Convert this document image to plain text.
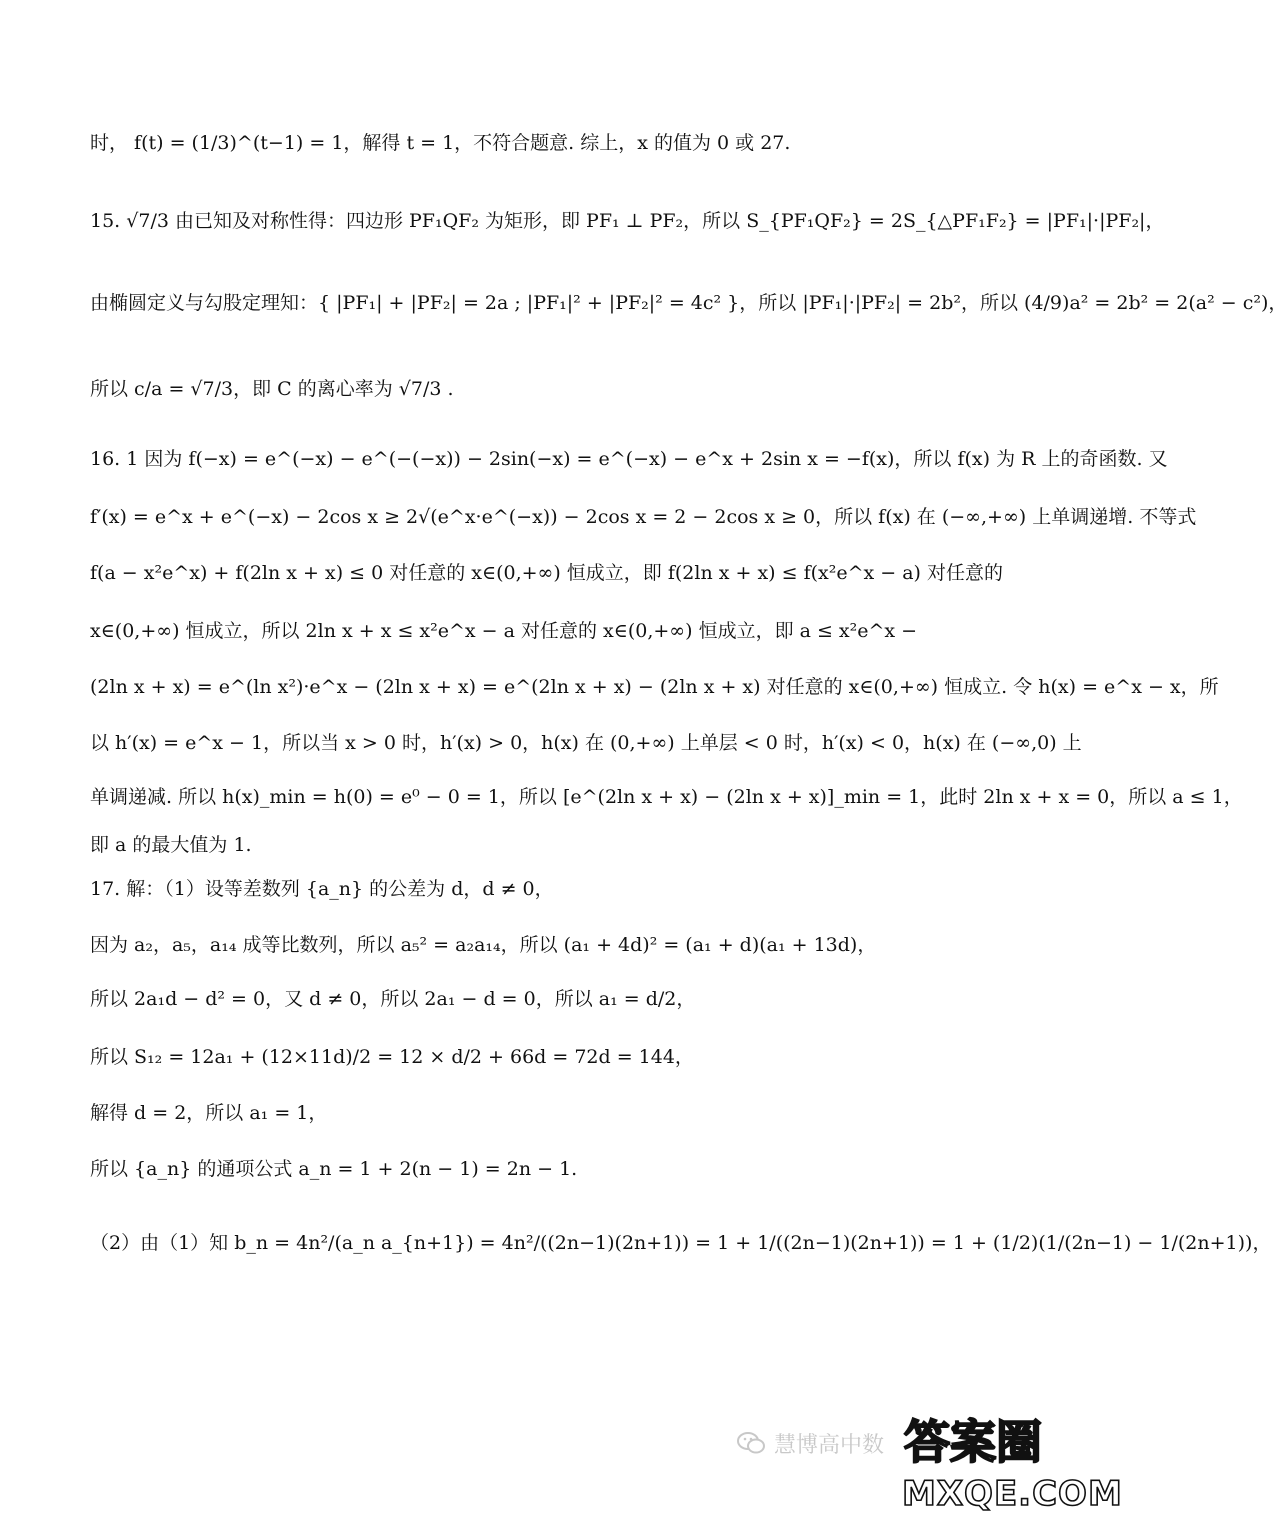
时， f(t) = (1/3)^(t−1) = 1，解得 t = 1，不符合题意. 综上，x 的值为 0 或 27.
15. √7/3 由已知及对称性得：四边形 PF₁QF₂ 为矩形，即 PF₁ ⊥ PF₂，所以 S_{PF₁QF₂} = 2S_{△PF₁F₂} = |PF₁|·|PF₂|，
由椭圆定义与勾股定理知：{ |PF₁| + |PF₂| = 2a ; |PF₁|² + |PF₂|² = 4c² }，所以 |PF₁|·|PF₂| = 2b²，所以 (4/9)a² = 2b² = 2(a² − c²)，
所以 c/a = √7/3，即 C 的离心率为 √7/3 .
16. 1 因为 f(−x) = e^(−x) − e^(−(−x)) − 2sin(−x) = e^(−x) − e^x + 2sin x = −f(x)，所以 f(x) 为 R 上的奇函数. 又
f′(x) = e^x + e^(−x) − 2cos x ≥ 2√(e^x·e^(−x)) − 2cos x = 2 − 2cos x ≥ 0，所以 f(x) 在 (−∞,+∞) 上单调递增. 不等式
f(a − x²e^x) + f(2ln x + x) ≤ 0 对任意的 x∈(0,+∞) 恒成立，即 f(2ln x + x) ≤ f(x²e^x − a) 对任意的
x∈(0,+∞) 恒成立，所以 2ln x + x ≤ x²e^x − a 对任意的 x∈(0,+∞) 恒成立，即 a ≤ x²e^x −
(2ln x + x) = e^(ln x²)·e^x − (2ln x + x) = e^(2ln x + x) − (2ln x + x) 对任意的 x∈(0,+∞) 恒成立. 令 h(x) = e^x − x，所
以 h′(x) = e^x − 1，所以当 x > 0 时，h′(x) > 0，h(x) 在 (0,+∞) 上单层 < 0 时，h′(x) < 0，h(x) 在 (−∞,0) 上
单调递减. 所以 h(x)_min = h(0) = e⁰ − 0 = 1，所以 [e^(2ln x + x) − (2ln x + x)]_min = 1，此时 2ln x + x = 0，所以 a ≤ 1，
即 a 的最大值为 1.
17. 解：（1）设等差数列 {a_n} 的公差为 d，d ≠ 0，
因为 a₂，a₅，a₁₄ 成等比数列，所以 a₅² = a₂a₁₄，所以 (a₁ + 4d)² = (a₁ + d)(a₁ + 13d)，
所以 2a₁d − d² = 0，又 d ≠ 0，所以 2a₁ − d = 0，所以 a₁ = d/2，
所以 S₁₂ = 12a₁ + (12×11d)/2 = 12 × d/2 + 66d = 72d = 144，
解得 d = 2，所以 a₁ = 1，
所以 {a_n} 的通项公式 a_n = 1 + 2(n − 1) = 2n − 1.
（2）由（1）知 b_n = 4n²/(a_n a_{n+1}) = 4n²/((2n−1)(2n+1)) = 1 + 1/((2n−1)(2n+1)) = 1 + (1/2)(1/(2n−1) − 1/(2n+1))，
慧博高中数 答案圈
MXQE.COM
